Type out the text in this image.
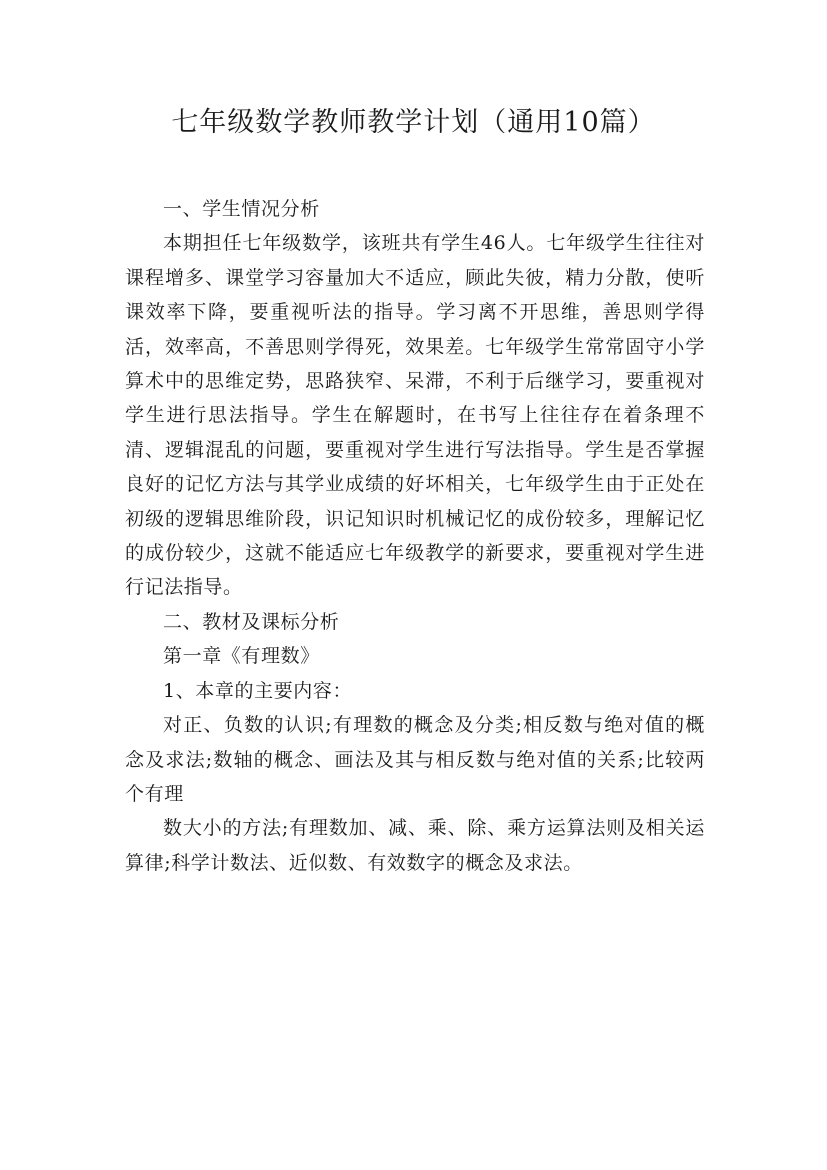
七年级数学教师教学计划（通用10篇）

一、学生情况分析

本期担任七年级数学，该班共有学生46人。七年级学生往往对课程增多、课堂学习容量加大不适应，顾此失彼，精力分散，使听课效率下降，要重视听法的指导。学习离不开思维，善思则学得活，效率高，不善思则学得死，效果差。七年级学生常常固守小学算术中的思维定势，思路狭窄、呆滞，不利于后继学习，要重视对学生进行思法指导。学生在解题时，在书写上往往存在着条理不清、逻辑混乱的问题，要重视对学生进行写法指导。学生是否掌握良好的记忆方法与其学业成绩的好坏相关，七年级学生由于正处在初级的逻辑思维阶段，识记知识时机械记忆的成份较多，理解记忆的成份较少，这就不能适应七年级教学的新要求，要重视对学生进行记法指导。

二、教材及课标分析

第一章《有理数》

1、本章的主要内容：

对正、负数的认识;有理数的概念及分类;相反数与绝对值的概念及求法;数轴的概念、画法及其与相反数与绝对值的关系;比较两个有理

数大小的方法;有理数加、减、乘、除、乘方运算法则及相关运算律;科学计数法、近似数、有效数字的概念及求法。
